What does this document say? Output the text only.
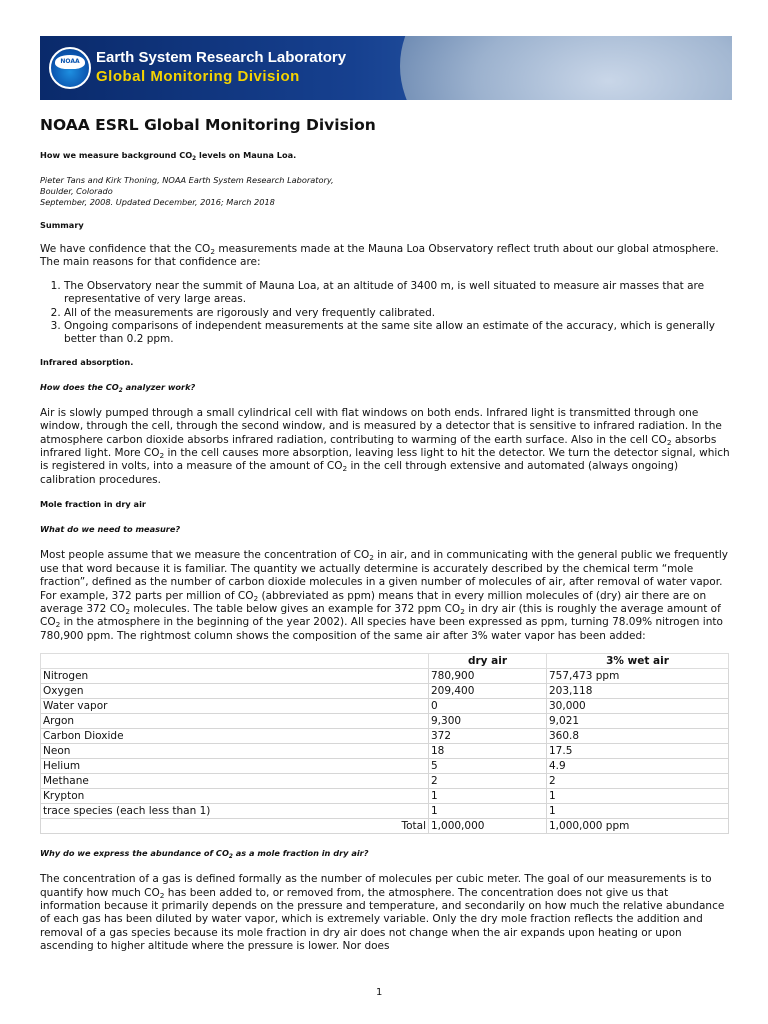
NOAA	Earth System Research Laboratory
Global Monitoring Division
NOAA ESRL Global Monitoring Division

How we measure background $CO_2$ levels on Mauna Loa.

Pieter Tans and Kirk Thoning, NOAA Earth System Research Laboratory,
Boulder, Colorado
September, 2008. Updated December, 2016; March 2018

Summary

We have confidence that the $CO_2$ measurements made at the Mauna Loa Observatory reflect truth about our global atmosphere. The main reasons for that confidence are:

1. The Observatory near the summit of Mauna Loa, at an altitude of 3400 m, is well situated to measure air masses that are representative of very large areas.
2. All of the measurements are rigorously and very frequently calibrated.
3. Ongoing comparisons of independent measurements at the same site allow an estimate of the accuracy, which is generally better than 0.2 ppm.

Infrared absorption.

How does the $CO_2$ analyzer work?

Air is slowly pumped through a small cylindrical cell with flat windows on both ends. Infrared light is transmitted through one window, through the cell, through the second window, and is measured by a detector that is sensitive to infrared radiation. In the atmosphere carbon dioxide absorbs infrared radiation, contributing to warming of the earth surface. Also in the cell $CO_2$ absorbs infrared light. More $CO_2$ in the cell causes more absorption, leaving less light to hit the detector. We turn the detector signal, which is registered in volts, into a measure of the amount of $CO_2$ in the cell through extensive and automated (always ongoing) calibration procedures.

Mole fraction in dry air

What do we need to measure?

Most people assume that we measure the concentration of $CO_2$ in air, and in communicating with the general public we frequently use that word because it is familiar. The quantity we actually determine is accurately described by the chemical term “mole fraction”, defined as the number of carbon dioxide molecules in a given number of molecules of air, after removal of water vapor. For example, 372 parts per million of $CO_2$ (abbreviated as ppm) means that in every million molecules of (dry) air there are on average 372 $CO_2$ molecules. The table below gives an example for 372 ppm $CO_2$ in dry air (this is roughly the average amount of $CO_2$ in the atmosphere in the beginning of the year 2002). All species have been expressed as ppm, turning 78.09% nitrogen into 780,900 ppm. The rightmost column shows the composition of the same air after 3% water vapor has been added:

	dry air	3% wet air
Nitrogen	780,900	757,473 ppm
Oxygen	209,400	203,118
Water vapor	0	30,000
Argon	9,300	9,021
Carbon Dioxide	372	360.8
Neon	18	17.5
Helium	5	4.9
Methane	2	2
Krypton	1	1
trace species (each less than 1)	1	1
Total	1,000,000	1,000,000 ppm

Why do we express the abundance of $CO_2$ as a mole fraction in dry air?

The concentration of a gas is defined formally as the number of molecules per cubic meter. The goal of our measurements is to quantify how much $CO_2$ has been added to, or removed from, the atmosphere. The concentration does not give us that information because it primarily depends on the pressure and temperature, and secondarily on how much the relative abundance of each gas has been diluted by water vapor, which is extremely variable. Only the dry mole fraction reflects the addition and removal of a gas species because its mole fraction in dry air does not change when the air expands upon heating or upon ascending to higher altitude where the pressure is lower. Nor does

1
